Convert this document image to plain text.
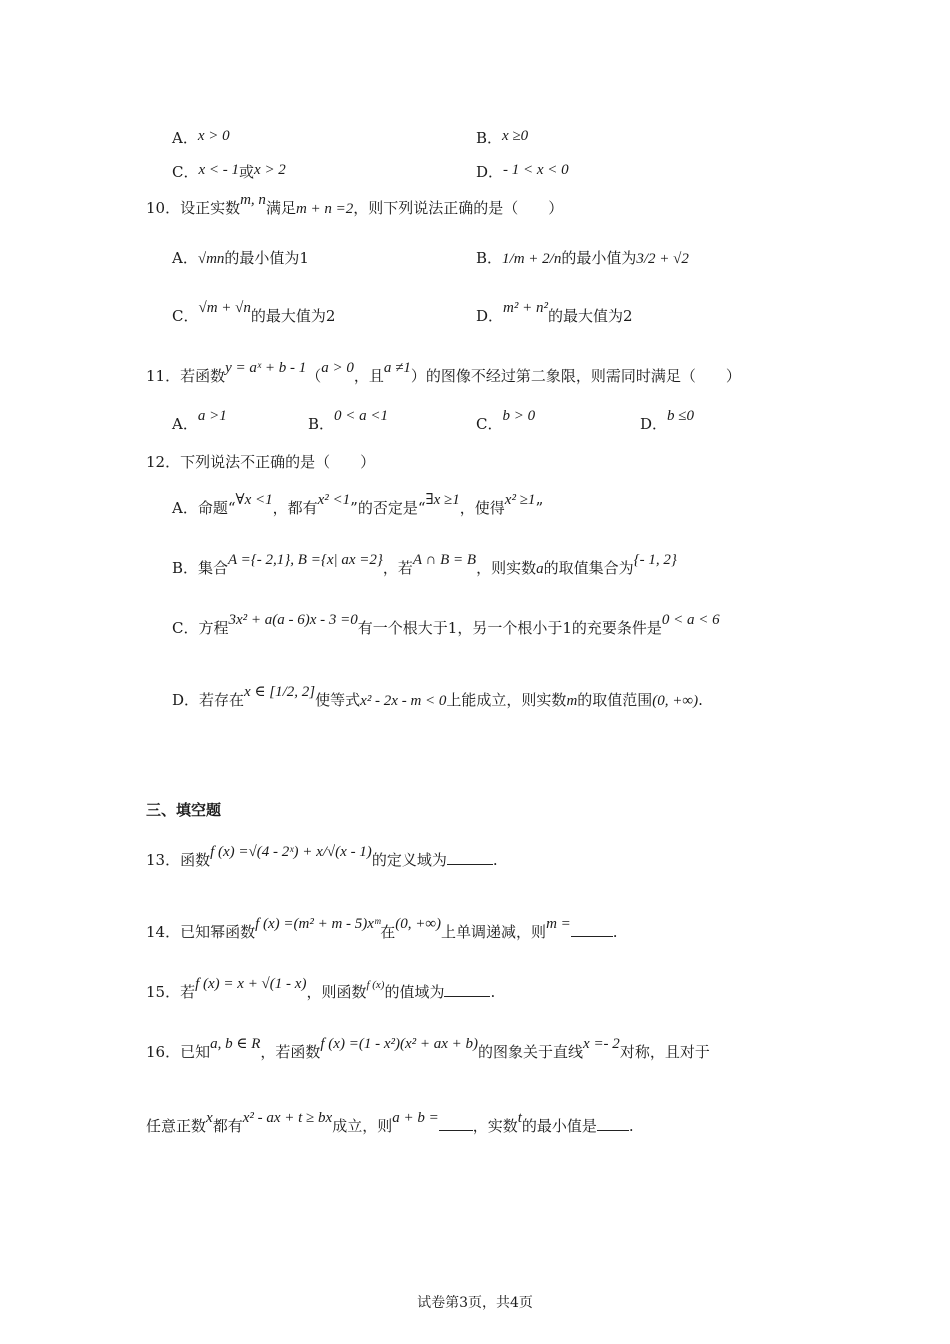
A．x > 0	B．x ≥0
C．x < - 1或x > 2	D．- 1 < x < 0
10．设正实数m, n满足m + n =2，则下列说法正确的是（　　）
A．√mn的最小值为1	B．1/m + 2/n的最小值为3/2 + √2
C．√m + √n的最大值为2	D．m² + n²的最大值为2
11．若函数y = aˣ + b - 1（a > 0，且a ≠1）的图像不经过第二象限，则需同时满足（　　）
A．a >1	B．0 < a <1	C．b > 0	D．b ≤0
12．下列说法不正确的是（　　）
A．命题“∀x <1，都有x² <1”的否定是“∃x ≥1，使得x² ≥1”
B．集合A ={- 2,1}, B ={x| ax =2}，若A ∩ B = B，则实数a的取值集合为{- 1, 2}
C．方程3x² + a(a - 6)x - 3 =0有一个根大于1，另一个根小于1的充要条件是0 < a < 6
D．若存在x ∈ [1/2, 2]使等式x² - 2x - m < 0上能成立，则实数m的取值范围(0, +∞).
三、填空题
13．函数f (x) =√(4 - 2ˣ) + x/√(x - 1)的定义域为	.
14．已知幂函数f (x) =(m² + m - 5)xᵐ在(0, +∞)上单调递减，则m =	.
15．若f (x) = x + √(1 - x)，则函数$^{f (x)}$的值域为	.
16．已知a, b ∈ R，若函数f (x) =(1 - x²)(x² + ax + b)的图象关于直线x =- 2对称，且对于
任意正数x都有x² - ax + t ≥ bx成立，则a + b = ，实数t的最小值是 .
试卷第3页，共4页
